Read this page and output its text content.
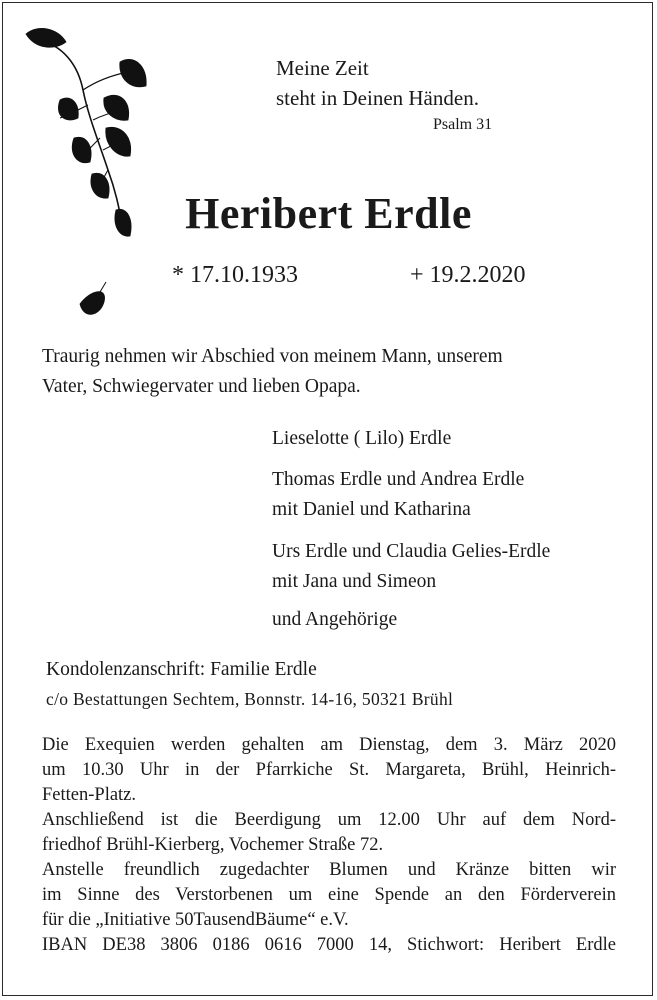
Meine Zeit
steht in Deinen Händen.
Psalm 31
Heribert Erdle
* 17.10.1933	+ 19.2.2020
Traurig nehmen wir Abschied von meinem Mann, unserem
Vater, Schwiegervater und lieben Opapa.
Lieselotte ( Lilo) Erdle
Thomas Erdle und Andrea Erdle
mit Daniel und Katharina
Urs Erdle und Claudia Gelies-Erdle
mit Jana und Simeon
und Angehörige
Kondolenzanschrift: Familie Erdle
c/o Bestattungen Sechtem, Bonnstr. 14-16, 50321 Brühl
Die Exequien werden gehalten am Dienstag, dem 3. März 2020
um 10.30 Uhr in der Pfarrkiche St. Margareta, Brühl, Heinrich-
Fetten-Platz.
Anschließend ist die Beerdigung um 12.00 Uhr auf dem Nord-
friedhof Brühl-Kierberg, Vochemer Straße 72.
Anstelle freundlich zugedachter Blumen und Kränze bitten wir
im Sinne des Verstorbenen um eine Spende an den Förderverein
für die „Initiative 50TausendBäume“ e.V.
IBAN DE38 3806 0186 0616 7000 14, Stichwort: Heribert Erdle
